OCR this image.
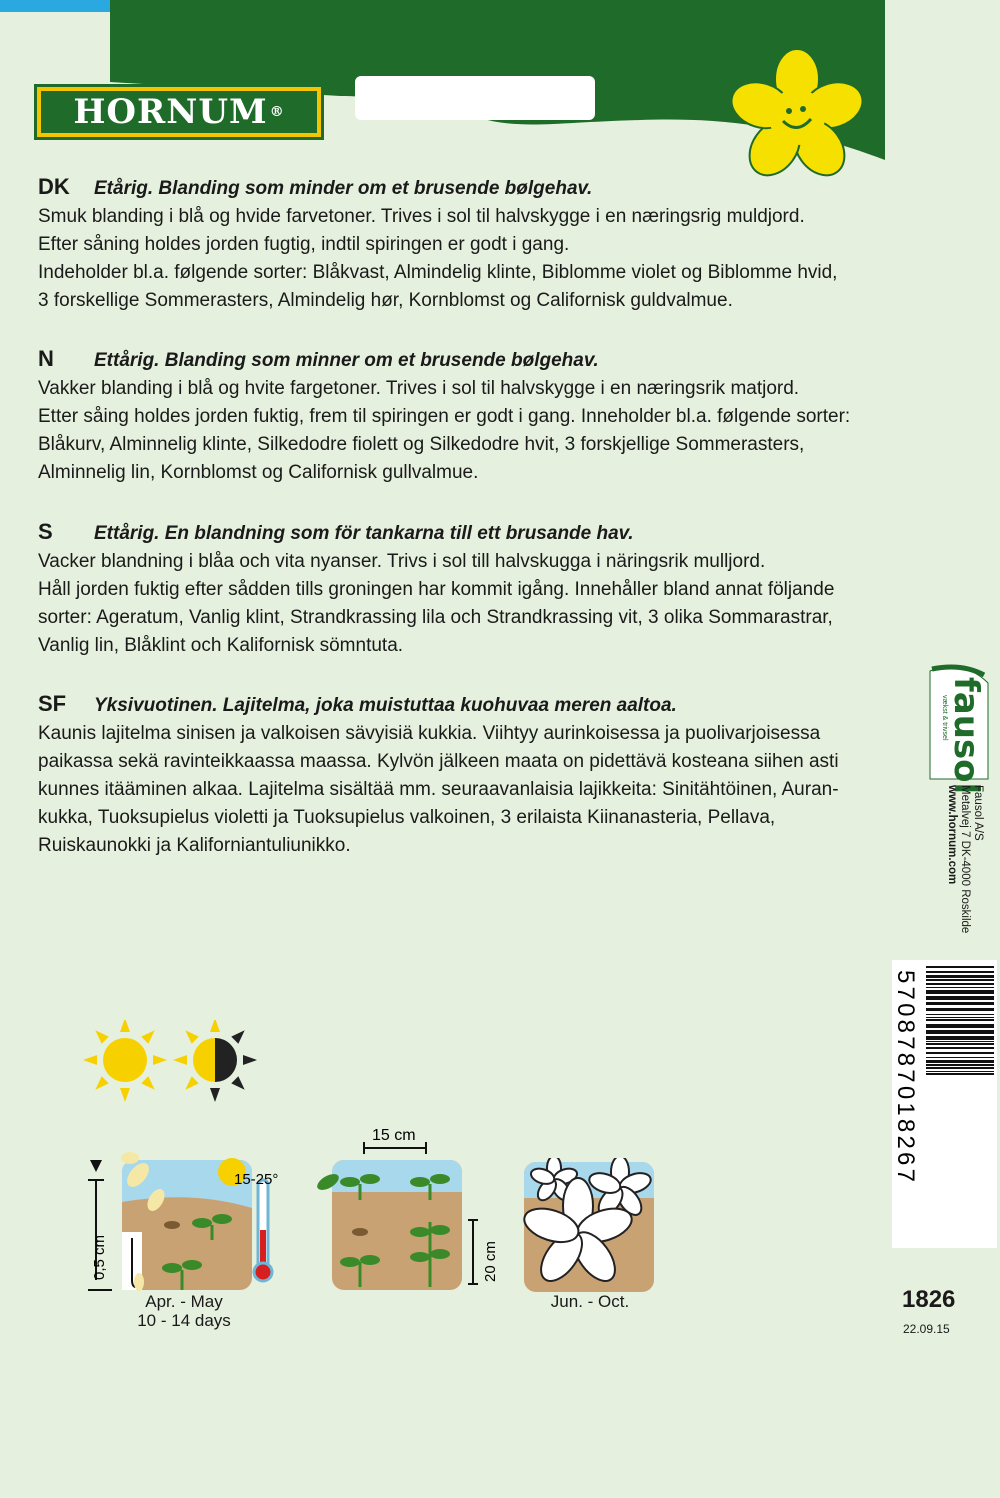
HORNUM ®
DK	Etårig. Blanding som minder om et brusende bølgehav.

Smuk blanding i blå og hvide farvetoner. Trives i sol til halvskygge i en næringsrig muldjord.

Efter såning holdes jorden fugtig, indtil spiringen er godt i gang.

Indeholder bl.a. følgende sorter: Blåkvast, Almindelig klinte, Biblomme violet og Biblomme hvid,

3 forskellige Sommerasters, Almindelig hør, Kornblomst og Californisk guldvalmue.

N	Ettårig. Blanding som minner om et brusende bølgehav.

Vakker blanding i blå og hvite fargetoner. Trives i sol til halvskygge i en næringsrik matjord.

Etter såing holdes jorden fuktig, frem til spiringen er godt i gang. Inneholder bl.a. følgende sorter:

Blåkurv, Alminnelig klinte, Silkedodre fiolett og Silkedodre hvit, 3 forskjellige Sommerasters,

Alminnelig lin, Kornblomst og Californisk gullvalmue.

S	Ettårig. En blandning som för tankarna till ett brusande hav.

Vacker blandning i blåa och vita nyanser. Trivs i sol till halvskugga i näringsrik mulljord.

Håll jorden fuktig efter sådden tills groningen har kommit igång. Innehåller bland annat följande

sorter: Ageratum, Vanlig klint, Strandkrassing lila och Strandkrassing vit, 3 olika Sommarastrar,

Vanlig lin, Blåklint och Kalifornisk sömntuta.

SF	Yksivuotinen. Lajitelma, joka muistuttaa kuohuvaa meren aaltoa.

Kaunis lajitelma sinisen ja valkoisen sävyisiä kukkia. Viihtyy aurinkoisessa ja puolivarjoisessa

paikassa sekä ravinteikkaassa maassa. Kylvön jälkeen maata on pidettävä kosteana siihen asti

kunnes itääminen alkaa. Lajitelma sisältää mm. seuraavanlaisia lajikkeita: Sinitähtöinen, Auran-

kukka, Tuoksupielus violetti ja Tuoksupielus valkoinen, 3 erilaista Kiinanasteria, Pellava,

Ruiskaunokki ja Kaliforniantuliunikko.

fausol
vækst & trivsel
Fausol A/S
Metalvej 7 DK-4000 Roskilde
www.hornum.com
5708787018267
1826
22.09.15
0,5 cm
15-25°
Apr. - May
10 - 14 days
15 cm
20 cm
Jun. - Oct.
